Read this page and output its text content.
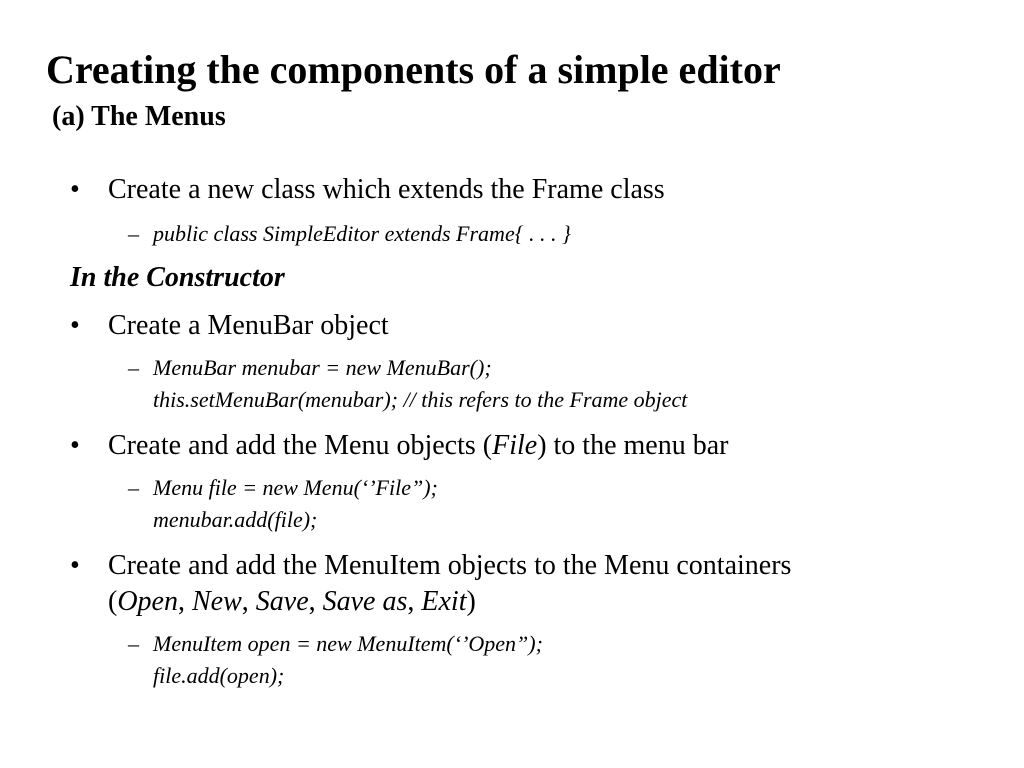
Creating the components of a simple editor
(a) The Menus
• Create a new class which extends the Frame class
– public class SimpleEditor extends Frame{ . . . }
In the Constructor
• Create a MenuBar object
– MenuBar menubar = new MenuBar();
this.setMenuBar(menubar); // this refers to the Frame object
• Create and add the Menu objects (File) to the menu bar
– Menu file = new Menu(‘’File”);
menubar.add(file);
• Create and add the MenuItem objects to the Menu containers
(Open, New, Save, Save as, Exit)
– MenuItem open = new MenuItem(‘’Open”);
file.add(open);
